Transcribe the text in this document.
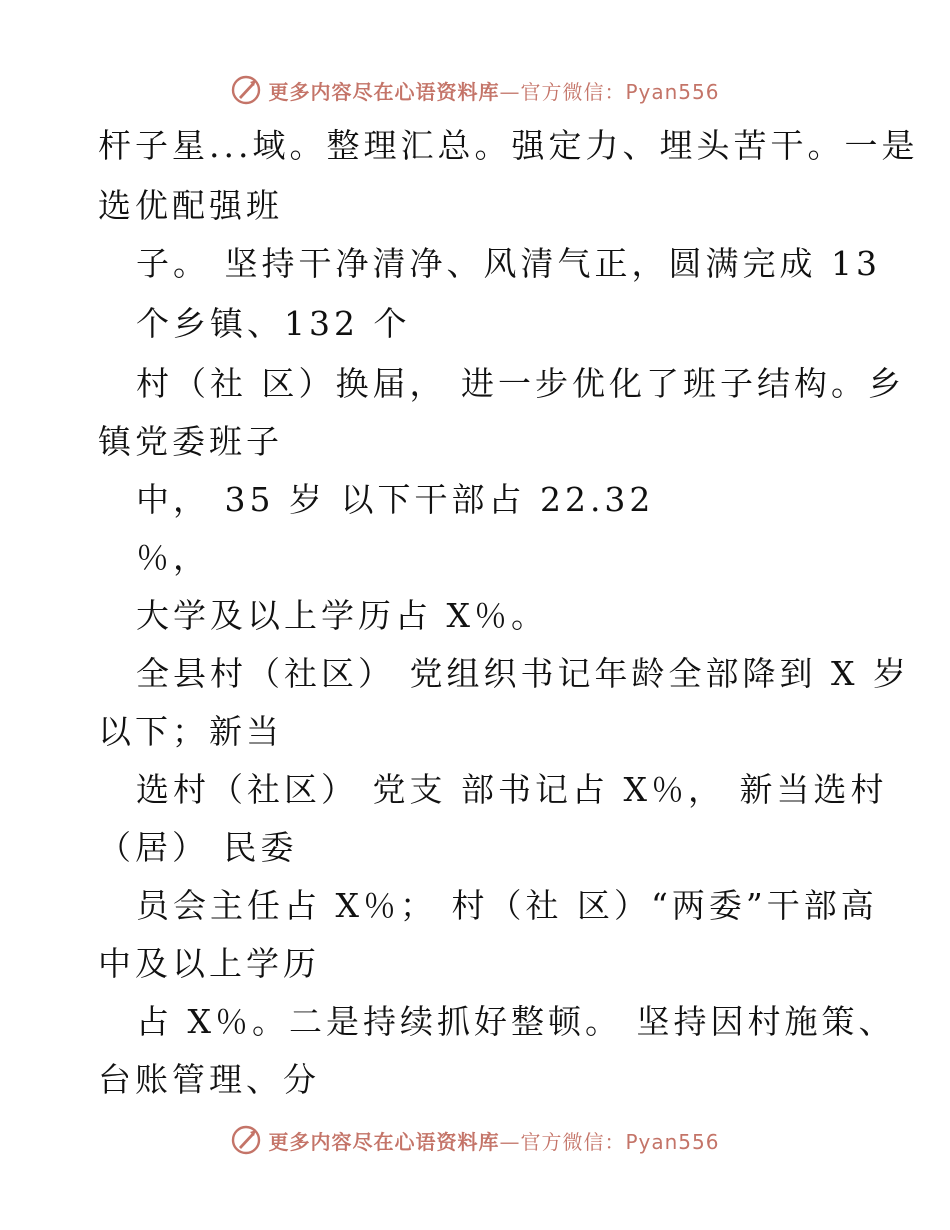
更多内容尽在心语资料库—官方微信：Pyan556
杆子星...域。整理汇总。强定力、埋头苦干。一是
选优配强班
子。 坚持干净清净、风清气正，圆满完成 13
个乡镇、132 个
村（社 区）换届， 进一步优化了班子结构。乡
镇党委班子
中， 35 岁 以下干部占 22.32
％，
大学及以上学历占 X％。
全县村（社区） 党组织书记年龄全部降到 X 岁
以下；新当
选村（社区） 党支 部书记占 X％， 新当选村
（居） 民委
员会主任占 X％； 村（社 区）“两委”干部高
中及以上学历
占 X％。二是持续抓好整顿。 坚持因村施策、
台账管理、分
更多内容尽在心语资料库—官方微信：Pyan556
